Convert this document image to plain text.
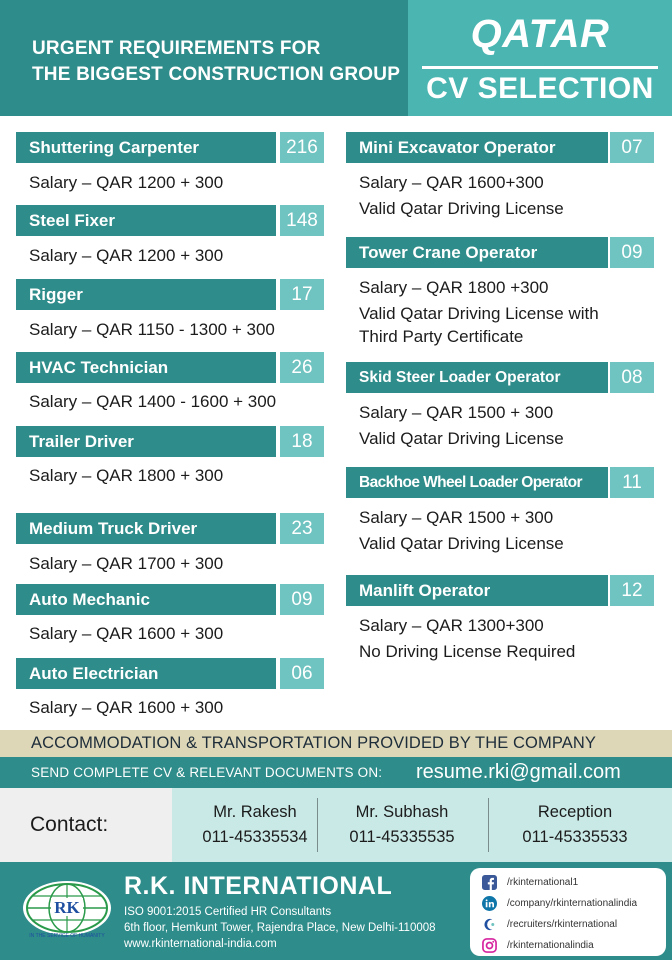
URGENT REQUIREMENTS FOR
THE BIGGEST CONSTRUCTION GROUP
QATAR
CV SELECTION
Shuttering Carpenter	216
Salary – QAR 1200 + 300
Steel Fixer	148
Salary – QAR 1200 + 300
Rigger	17
Salary – QAR 1150 - 1300 + 300
HVAC Technician	26
Salary – QAR 1400 - 1600 + 300
Trailer Driver	18
Salary – QAR 1800 + 300
Medium Truck Driver	23
Salary – QAR 1700 + 300
Auto Mechanic	09
Salary – QAR 1600 + 300
Auto Electrician	06
Salary – QAR 1600 + 300
Mini Excavator Operator	07
Salary – QAR 1600+300
Valid Qatar Driving License
Tower Crane Operator	09
Salary – QAR 1800 +300
Valid Qatar Driving License with
Third Party Certificate
Skid Steer Loader Operator	08
Salary – QAR 1500 + 300
Valid Qatar Driving License
Backhoe Wheel Loader Operator	11
Salary – QAR 1500 + 300
Valid Qatar Driving License
Manlift Operator	12
Salary – QAR 1300+300
No Driving License Required
ACCOMMODATION & TRANSPORTATION PROVIDED BY THE COMPANY
SEND COMPLETE CV & RELEVANT DOCUMENTS ON: resume.rki@gmail.com
Contact:
Mr. Rakesh
011-45335534
Mr. Subhash
011-45335535
Reception
011-45335533
RK
IN THE SERVICE OF HUMANITY
R.K. INTERNATIONAL
ISO 9001:2015 Certified HR Consultants
6th floor, Hemkunt Tower, Rajendra Place, New Delhi-110008
www.rkinternational-india.com
/rkinternational1
/company/rkinternationalindia
/recruiters/rkinternational
/rkinternationalindia
